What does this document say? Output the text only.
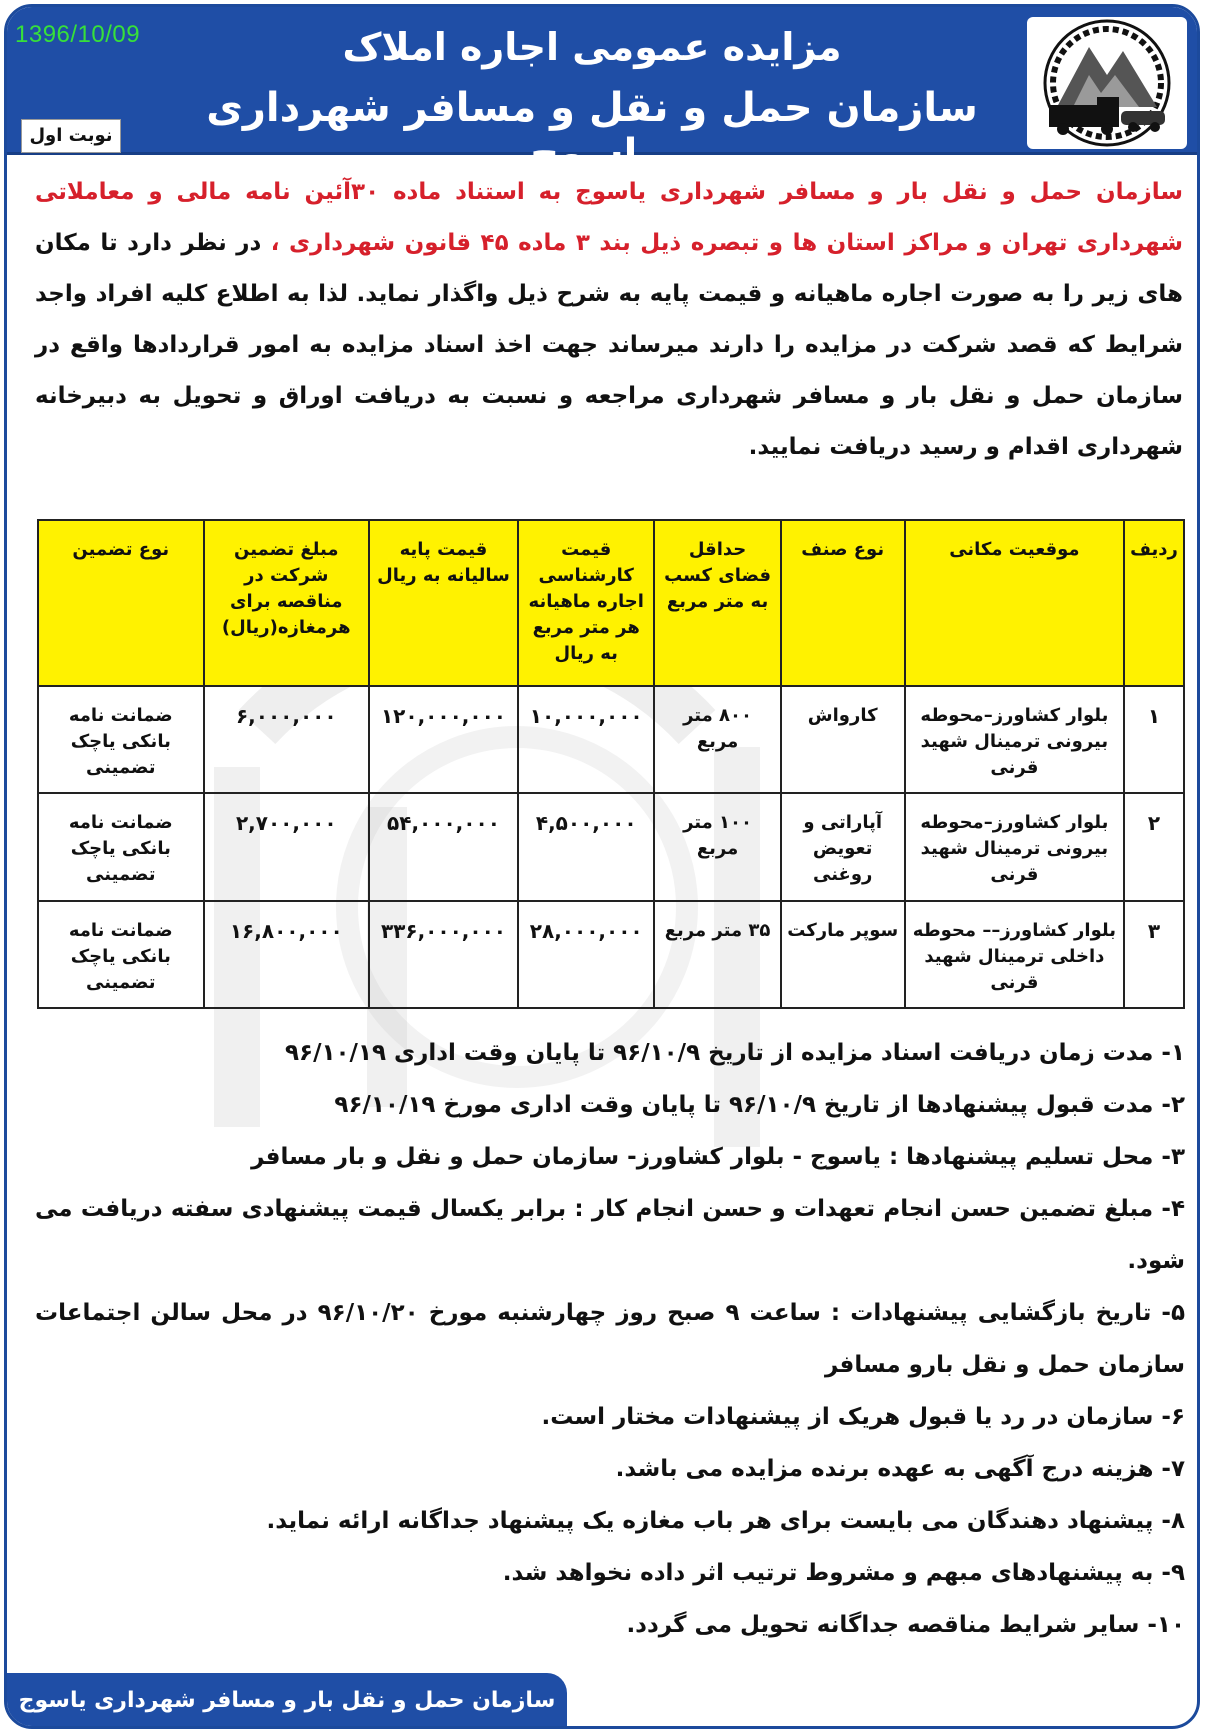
1396/10/09
نوبت اول
مزایده عمومی اجاره املاک
سازمان حمل و نقل و مسافر شهرداری یاسوج
سازمان حمل و نقل بار و مسافر شهرداری یاسوج به استناد ماده ۳۰آئین نامه مالی و معاملاتی شهرداری تهران و مراکز استان ها و تبصره ذیل بند ۳ ماده ۴۵ قانون شهرداری ، در نظر دارد تا مکان های زیر را به صورت اجاره ماهیانه و قیمت پایه به شرح ذیل واگذار نماید. لذا به اطلاع کلیه افراد واجد شرایط که قصد شرکت در مزایده را دارند میرساند جهت اخذ اسناد مزایده به امور قراردادها واقع در سازمان حمل و نقل بار و مسافر شهرداری مراجعه و نسبت به دریافت اوراق و تحویل به دبیرخانه شهرداری اقدام و رسید دریافت نمایید.
ردیف	موقعیت مکانی	نوع صنف	حداقل فضای کسب به متر مربع	قیمت کارشناسی اجاره ماهیانه هر متر مربع به ریال	قیمت پایه سالیانه به ریال	مبلغ تضمین شرکت در مناقصه برای هرمغازه(ریال)	نوع تضمین
۱	بلوار کشاورز–محوطه بیرونی ترمینال شهید قرنی	کارواش	۸۰۰ متر مربع	۱۰,۰۰۰,۰۰۰	۱۲۰,۰۰۰,۰۰۰	۶,۰۰۰,۰۰۰	ضمانت نامه بانکی یاچک تضمینی
۲	بلوار کشاورز–محوطه بیرونی ترمینال شهید قرنی	آپاراتی و تعویض روغنی	۱۰۰ متر مربع	۴,۵۰۰,۰۰۰	۵۴,۰۰۰,۰۰۰	۲,۷۰۰,۰۰۰	ضمانت نامه بانکی یاچک تضمینی
۳	بلوار کشاورز–– محوطه داخلی ترمینال شهید قرنی	سوپر مارکت	۳۵ متر مربع	۲۸,۰۰۰,۰۰۰	۳۳۶,۰۰۰,۰۰۰	۱۶,۸۰۰,۰۰۰	ضمانت نامه بانکی یاچک تضمینی
۱- مدت زمان دریافت اسناد مزایده از تاریخ ۹۶/۱۰/۹ تا پایان وقت اداری ۹۶/۱۰/۱۹
۲- مدت قبول پیشنهادها از تاریخ ۹۶/۱۰/۹ تا پایان وقت اداری مورخ ۹۶/۱۰/۱۹
۳- محل تسلیم پیشنهادها : یاسوج - بلوار کشاورز- سازمان حمل و نقل و بار مسافر
۴- مبلغ تضمین حسن انجام تعهدات و حسن انجام کار : برابر یکسال قیمت پیشنهادی سفته دریافت می شود.
۵- تاریخ بازگشایی پیشنهادات : ساعت ۹ صبح روز چهارشنبه مورخ ۹۶/۱۰/۲۰ در محل سالن اجتماعات سازمان حمل و نقل بارو مسافر
۶- سازمان در رد یا قبول هریک از پیشنهادات مختار است.
۷- هزینه درج آگهی به عهده برنده مزایده می باشد.
۸- پیشنهاد دهندگان می بایست برای هر باب مغازه یک پیشنهاد جداگانه ارائه نماید.
۹- به پیشنهادهای مبهم و مشروط ترتیب اثر داده نخواهد شد.
۱۰- سایر شرایط مناقصه جداگانه تحویل می گردد.
سازمان حمل و نقل بار و مسافر شهرداری یاسوج
